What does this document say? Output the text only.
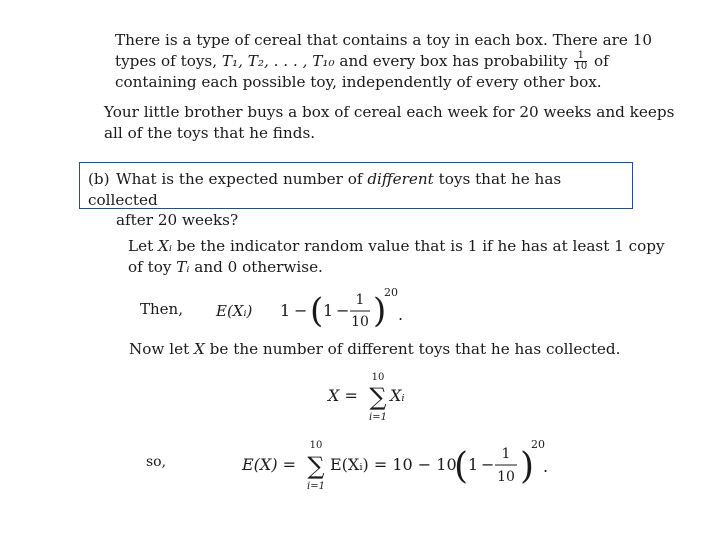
There is a type of cereal that contains a toy in each box. There are 10 types of toys, T₁, T₂, . . . , T₁₀ and every box has probability $\frac{1}{10}$ of containing each possible toy, independently of every other box.

Your little brother buys a box of cereal each week for 20 weeks and keeps all of the toys that he finds.

(b) What is the expected number of different toys that he has collected
after 20 weeks?

Let Xᵢ be the indicator random value that is 1 if he has at least 1 copy of toy Tᵢ and 0 otherwise.

Then, E(Xᵢ) 1 − ( 1 −
1
10 )
20
.

Now let X be the number of different toys that he has collected.

X =
10
∑
i=1
Xᵢ
so,	E(X) =
10
∑
i=1
E(Xᵢ) = 10 − 10
( 1 −
1
10 )
20
.
